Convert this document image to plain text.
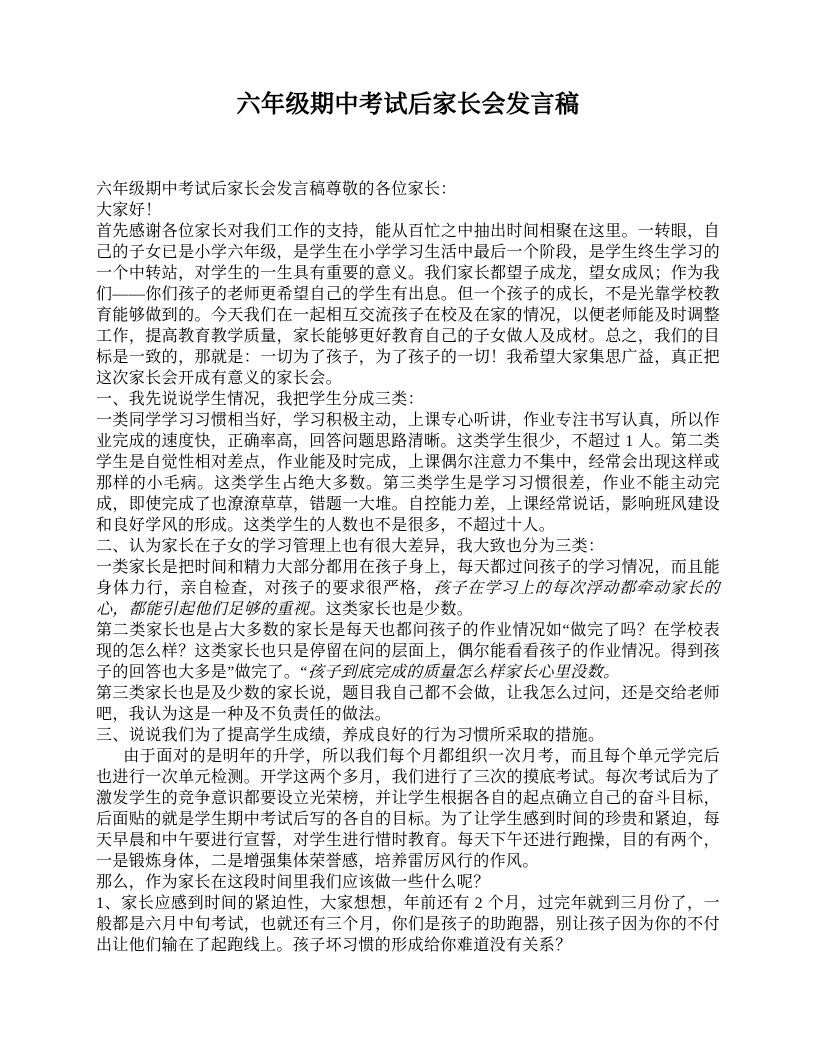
六年级期中考试后家长会发言稿

六年级期中考试后家长会发言稿尊敬的各位家长：

大家好！

首先感谢各位家长对我们工作的支持，能从百忙之中抽出时间相聚在这里。一转眼，自己的子女已是小学六年级，是学生在小学学习生活中最后一个阶段，是学生终生学习的一个中转站，对学生的一生具有重要的意义。我们家长都望子成龙，望女成凤；作为我们——你们孩子的老师更希望自己的学生有出息。但一个孩子的成长，不是光靠学校教育能够做到的。今天我们在一起相互交流孩子在校及在家的情况，以便老师能及时调整工作，提高教育教学质量，家长能够更好教育自己的子女做人及成材。总之，我们的目标是一致的，那就是：一切为了孩子，为了孩子的一切！我希望大家集思广益，真正把这次家长会开成有意义的家长会。

一、我先说说学生情况，我把学生分成三类：

一类同学学习习惯相当好，学习积极主动，上课专心听讲，作业专注书写认真，所以作业完成的速度快，正确率高，回答问题思路清晰。这类学生很少，不超过 1 人。第二类学生是自觉性相对差点，作业能及时完成，上课偶尔注意力不集中，经常会出现这样或那样的小毛病。这类学生占绝大多数。第三类学生是学习习惯很差，作业不能主动完成，即使完成了也潦潦草草，错题一大堆。自控能力差，上课经常说话，影响班风建设和良好学风的形成。这类学生的人数也不是很多，不超过十人。

二、认为家长在子女的学习管理上也有很大差异，我大致也分为三类：

一类家长是把时间和精力大部分都用在孩子身上，每天都过问孩子的学习情况，而且能身体力行，亲自检查，对孩子的要求很严格，孩子在学习上的每次浮动都牵动家长的心，都能引起他们足够的重视。这类家长也是少数。

第二类家长也是占大多数的家长是每天也都问孩子的作业情况如“做完了吗？在学校表现的怎么样？这类家长也只是停留在问的层面上，偶尔能看看孩子的作业情况。得到孩子的回答也大多是”做完了。“孩子到底完成的质量怎么样家长心里没数。

第三类家长也是及少数的家长说，题目我自己都不会做，让我怎么过问，还是交给老师吧，我认为这是一种及不负责任的做法。

三、说说我们为了提高学生成绩，养成良好的行为习惯所采取的措施。

由于面对的是明年的升学，所以我们每个月都组织一次月考，而且每个单元学完后也进行一次单元检测。开学这两个多月，我们进行了三次的摸底考试。每次考试后为了激发学生的竞争意识都要设立光荣榜，并让学生根据各自的起点确立自己的奋斗目标，后面贴的就是学生期中考试后写的各自的目标。为了让学生感到时间的珍贵和紧迫，每天早晨和中午要进行宣誓，对学生进行惜时教育。每天下午还进行跑操，目的有两个，一是锻炼身体，二是增强集体荣誉感，培养雷厉风行的作风。

那么，作为家长在这段时间里我们应该做一些什么呢？

1、家长应感到时间的紧迫性，大家想想，年前还有 2 个月，过完年就到三月份了，一般都是六月中旬考试，也就还有三个月，你们是孩子的助跑器，别让孩子因为你的不付出让他们输在了起跑线上。孩子坏习惯的形成给你难道没有关系？
